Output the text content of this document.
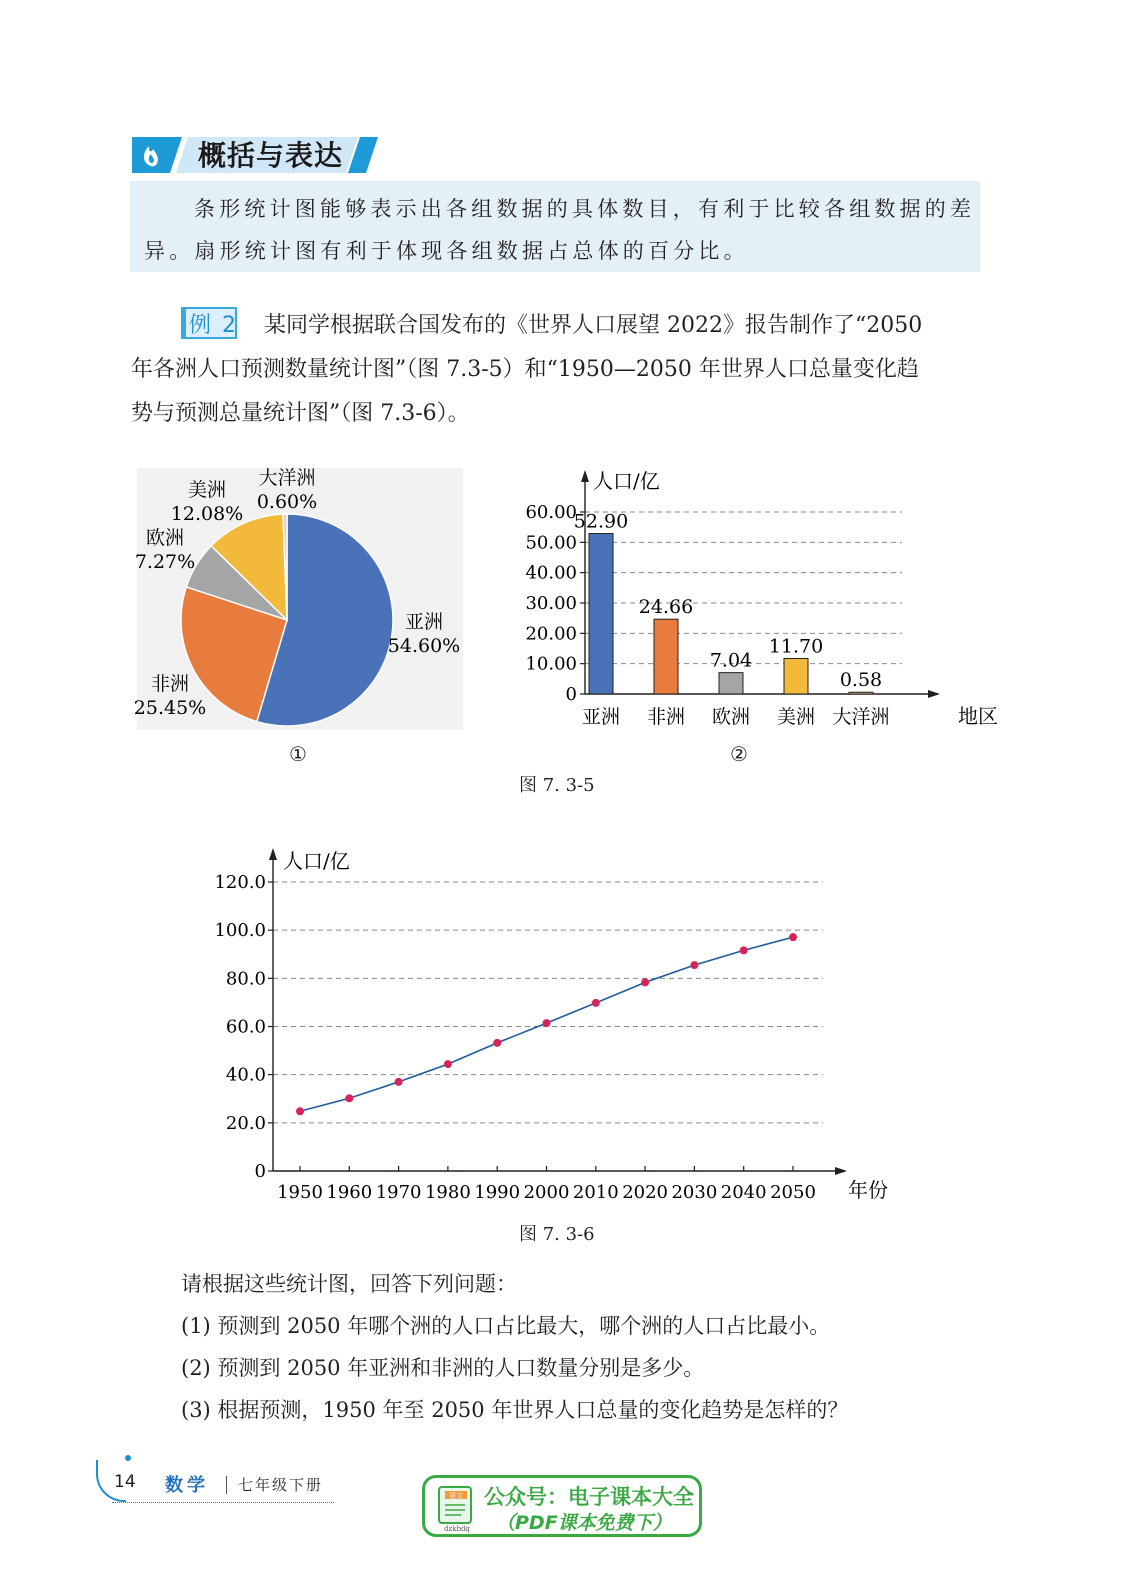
概括与表达
条形统计图能够表示出各组数据的具体数目，有利于比较各组数据的差
异。扇形统计图有利于体现各组数据占总体的百分比。
例 2 某同学根据联合国发布的《世界人口展望 2022》报告制作了“2050
年各洲人口预测数量统计图”（图 7.3-5）和“1950—2050 年世界人口总量变化趋
势与预测总量统计图”（图 7.3-6）。
亚洲
54.60%
非洲
25.45%
欧洲
7.27%
美洲
12.08%
大洋洲
0.60%
①
0
10.00
20.00
30.00
40.00
50.00
60.00
人口/亿
地区
52.90
亚洲
24.66
非洲
7.04
欧洲
11.70
美洲
0.58
大洋洲
②
图 7. 3-5
0
20.0
40.0
60.0
80.0
100.0
120.0
人口/亿
年份
1950 1960 1970 1980 1990 2000 2010 2020 2030 2040 2050
图 7. 3-6
请根据这些统计图，回答下列问题：
(1) 预测到 2050 年哪个洲的人口占比最大，哪个洲的人口占比最小。
(2) 预测到 2050 年亚洲和非洲的人口数量分别是多少。
(3) 根据预测，1950 年至 2050 年世界人口总量的变化趋势是怎样的？
14 数学 七年级下册
语文
dzkbdq
公众号：电子课本大全
（PDF课本免费下）
